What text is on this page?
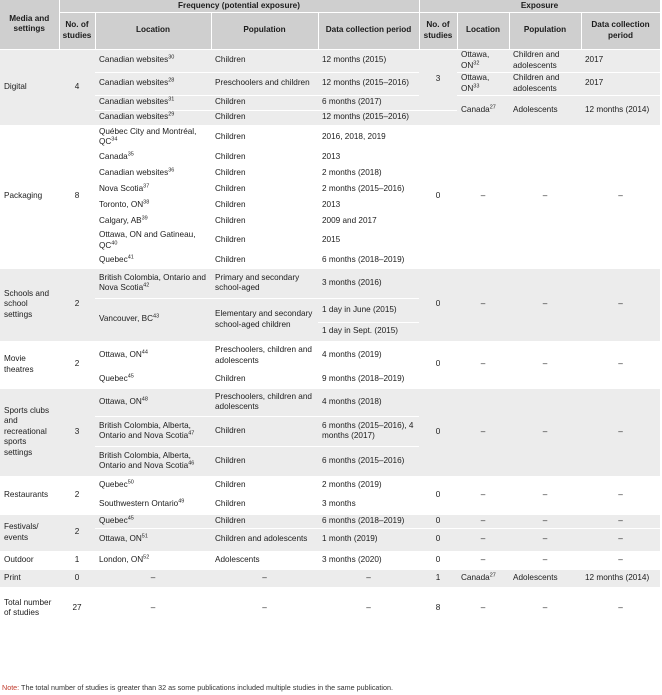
Media and settings	Frequency (potential exposure)				Exposure			
	No. of studies	Location	Population	Data collection period	No. of studies	Location	Population	Data collection period
Digital	4	Canadian websites$^{30}$	Children	12 months (2015)	3	Ottawa, ON$^{32}$	Children and adolescents	2017
		Canadian websites$^{28}$	Preschoolers and children	12 months (2015–2016)		Ottawa, ON$^{33}$	Children and adolescents	2017
		Canadian websites$^{31}$	Children	6 months (2017)		Canada$^{27}$	Adolescents	12 months (2014)
		Canadian websites$^{29}$	Children	12 months (2015–2016)				
Packaging	8	Québec City and Montréal, QC$^{34}$	Children	2016, 2018, 2019	0	–	–	–
		Canada$^{35}$	Children	2013				
		Canadian websites$^{36}$	Children	2 months (2018)				
		Nova Scotia$^{37}$	Children	2 months (2015–2016)				
		Toronto, ON$^{38}$	Children	2013				
		Calgary, AB$^{39}$	Children	2009 and 2017				
		Ottawa, ON and Gatineau, QC$^{40}$	Children	2015				
		Quebec$^{41}$	Children	6 months (2018–2019)				
Schools and school settings	2	British Colombia, Ontario and Nova Scotia$^{42}$	Primary and secondary school-aged	3 months (2016)	0	–	–	–
		Vancouver, BC$^{43}$	Elementary and secondary school-aged children	1 day in June (2015)				
				1 day in Sept. (2015)				
Movie theatres	2	Ottawa, ON$^{44}$	Preschoolers, children and adolescents	4 months (2019)	0	–	–	–
		Quebec$^{45}$	Children	9 months (2018–2019)				
Sports clubs and recreational sports settings	3	Ottawa, ON$^{48}$	Preschoolers, children and adolescents	4 months (2018)	0	–	–	–
		British Colombia, Alberta, Ontario and Nova Scotia$^{47}$	Children	6 months (2015–2016), 4 months (2017)				
		British Colombia, Alberta, Ontario and Nova Scotia$^{46}$	Children	6 months (2015–2016)				
Restaurants	2	Quebec$^{50}$	Children	2 months (2019)	0	–	–	–
		Southwestern Ontario$^{49}$	Children	3 months				
Festivals/ events	2	Quebec$^{45}$	Children	6 months (2018–2019)	0	–	–	–
		Ottawa, ON$^{51}$	Children and adolescents	1 month (2019)	0	–	–	–
Outdoor	1	London, ON$^{52}$	Adolescents	3 months (2020)	0	–	–	–
Print	0	–	–	–	1	Canada$^{27}$	Adolescents	12 months (2014)
Total number of studies	27	–	–	–	8	–	–	–
Note: The total number of studies is greater than 32 as some publications included multiple studies in the same publication.
